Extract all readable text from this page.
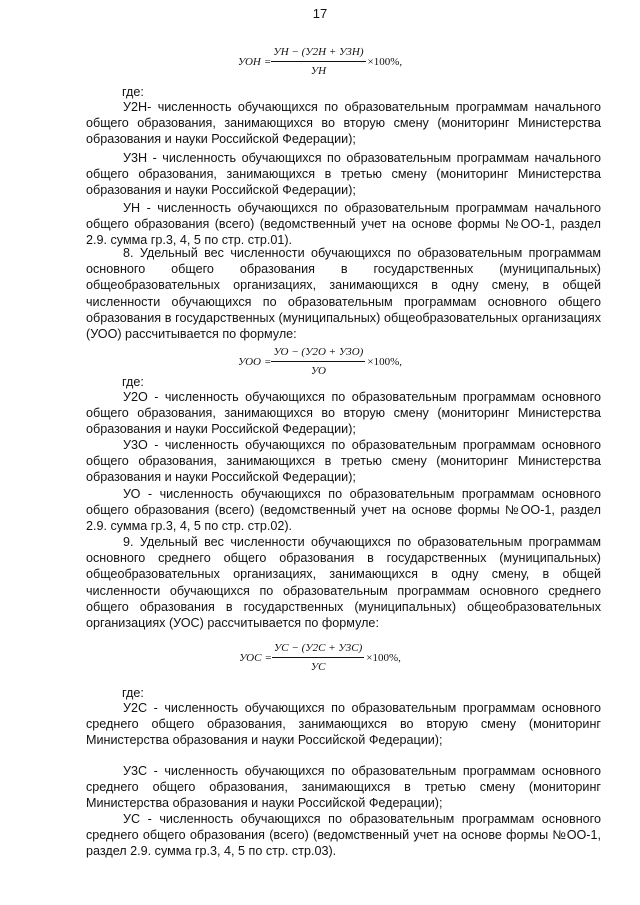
17
УОН = $\frac{УН - (У2Н + У3Н)}{УН} \times 100\%$,
где:
У2Н- численность обучающихся по образовательным программам начального общего образования, занимающихся во вторую смену (мониторинг Министерства образования и науки Российской Федерации);
У3Н - численность обучающихся по образовательным программам начального общего образования, занимающихся в третью смену (мониторинг Министерства образования и науки Российской Федерации);
УН - численность обучающихся по образовательным программам начального общего образования (всего) (ведомственный учет на основе формы №ОО-1, раздел 2.9. сумма гр.3, 4, 5 по стр. стр.01).
8. Удельный вес численности обучающихся по образовательным программам основного общего образования в государственных (муниципальных) общеобразовательных организациях, занимающихся в одну смену, в общей численности обучающихся по образовательным программам основного общего образования в государственных (муниципальных) общеобразовательных организациях (УОО) рассчитывается по формуле:
УОО = $\frac{УО - (У2О + У3О)}{УО} \times 100\%$,
где:
У2О - численность обучающихся по образовательным программам основного общего образования, занимающихся во вторую смену (мониторинг Министерства образования и науки Российской Федерации);
У3О - численность обучающихся по образовательным программам основного общего образования, занимающихся в третью смену (мониторинг Министерства образования и науки Российской Федерации);
УО - численность обучающихся по образовательным программам основного общего образования (всего) (ведомственный учет на основе формы №ОО-1, раздел 2.9. сумма гр.3, 4, 5 по стр. стр.02).
9. Удельный вес численности обучающихся по образовательным программам основного среднего общего образования в государственных (муниципальных) общеобразовательных организациях, занимающихся в одну смену, в общей численности обучающихся по образовательным программам основного среднего общего образования в государственных (муниципальных) общеобразовательных организациях (УОС) рассчитывается по формуле:
УОС = $\frac{УС - (У2С + У3С)}{УС} \times 100\%$,
где:
У2С - численность обучающихся по образовательным программам основного среднего общего образования, занимающихся во вторую смену (мониторинг Министерства образования и науки Российской Федерации);
У3С - численность обучающихся по образовательным программам основного среднего общего образования, занимающихся в третью смену (мониторинг Министерства образования и науки Российской Федерации);
УС - численность обучающихся по образовательным программам основного среднего общего образования (всего) (ведомственный учет на основе формы №ОО-1, раздел 2.9. сумма гр.3, 4, 5 по стр. стр.03).
